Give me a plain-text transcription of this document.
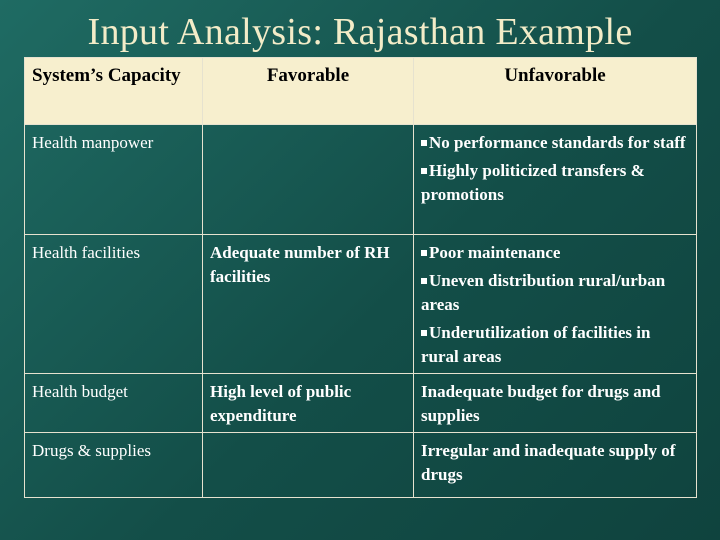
Input Analysis: Rajasthan Example
System’s Capacity	Favorable	Unfavorable
Health manpower		No performance standards for staff
Highly politicized transfers & promotions

Health facilities	Adequate number of RH facilities	Poor maintenance
Uneven distribution rural/urban areas
Underutilization of facilities in rural areas

Health budget	High level of public expenditure	Inadequate budget for drugs and supplies
Drugs & supplies		Irregular and inadequate supply of drugs
